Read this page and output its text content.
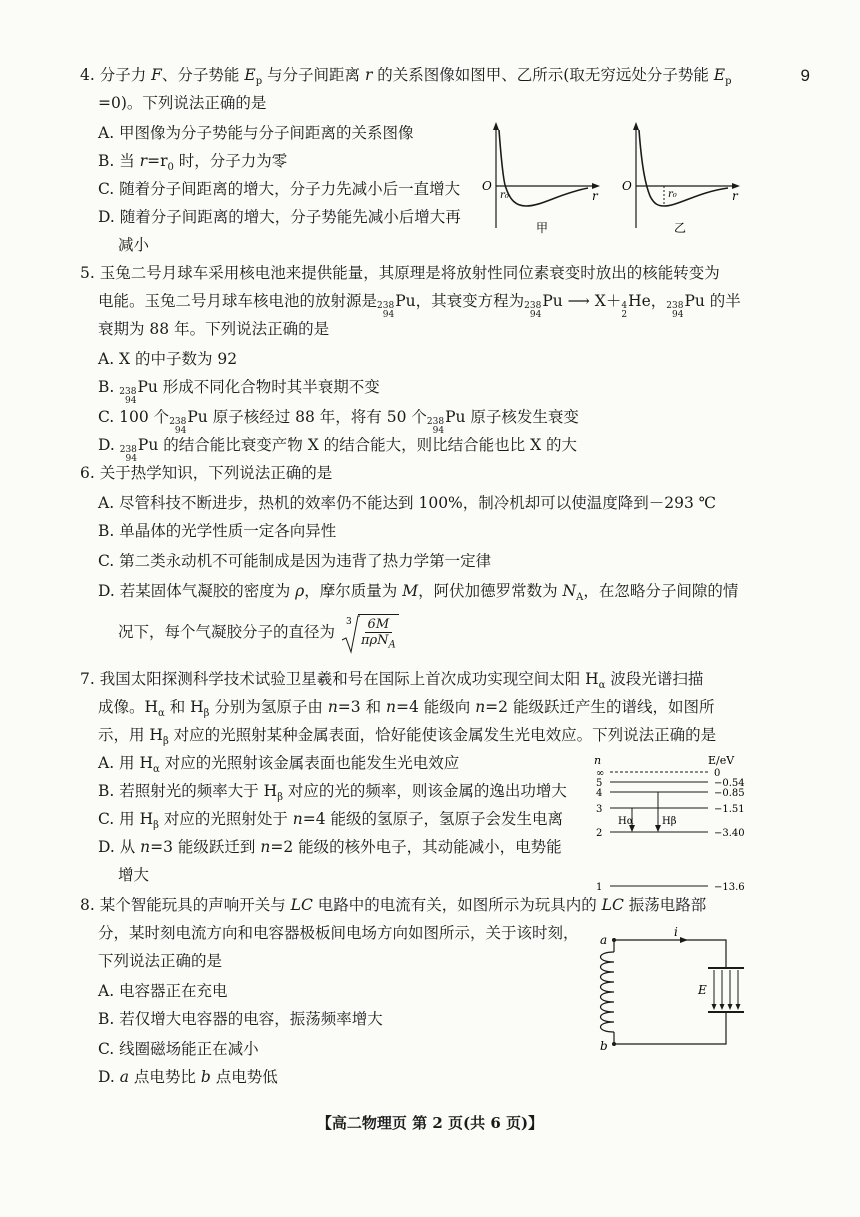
9
4. 分子力 F、分子势能 $E_p$ 与分子间距离 r 的关系图像如图甲、乙所示(取无穷远处分子势能 $E_p$
=0)。下列说法正确的是
A. 甲图像为分子势能与分子间距离的关系图像
B. 当 $r=r_0$ 时，分子力为零
C. 随着分子间距离的增大，分子力先减小后一直增大
D. 随着分子间距离的增大，分子势能先减小后增大再
减小
O
r₀	r
甲
O
r₀	r
乙
5. 玉兔二号月球车采用核电池来提供能量，其原理是将放射性同位素衰变时放出的核能转变为
电能。玉兔二号月球车核电池的放射源是 238
94
Pu，其衰变方程为 238
94
Pu ⟶ X＋ 4
2
He， 238
94
Pu 的半
衰期为 88 年。下列说法正确的是
A. X 的中子数为 92
B. 238
94
Pu 形成不同化合物时其半衰期不变
C. 100 个 238
94
Pu 原子核经过 88 年，将有 50 个 238
94
Pu 原子核发生衰变
D. 238
94
Pu 的结合能比衰变产物 X 的结合能大，则比结合能也比 X 的大
6. 关于热学知识，下列说法正确的是
A. 尽管科技不断进步，热机的效率仍不能达到 100%，制冷机却可以使温度降到－293 ℃
B. 单晶体的光学性质一定各向异性
C. 第二类永动机不可能制成是因为违背了热力学第一定律
D. 若某固体气凝胶的密度为 ρ，摩尔质量为 M，阿伏加德罗常数为 $N_A$，在忽略分子间隙的情
况下，每个气凝胶分子的直径为
$3 \frac{6M}{\pi\rho N_A}$
7. 我国太阳探测科学技术试验卫星羲和号在国际上首次成功实现空间太阳 $H_\alpha$ 波段光谱扫描
成像。$H_\alpha$ 和 $H_\beta$ 分别为氢原子由 n=3 和 n=4 能级向 n=2 能级跃迁产生的谱线，如图所
示，用 $H_\beta$ 对应的光照射某种金属表面，恰好能使该金属发生光电效应。下列说法正确的是
A. 用 $H_\alpha$ 对应的光照射该金属表面也能发生光电效应
B. 若照射光的频率大于 $H_\beta$ 对应的光的频率，则该金属的逸出功增大
C. 用 $H_\beta$ 对应的光照射处于 n=4 能级的氢原子，氢原子会发生电离
D. 从 n=3 能级跃迁到 n=2 能级的核外电子，其动能减小，电势能
增大
n	E/eV
∞	0
5	−0.54
4	−0.85
3	−1.51
2	−3.40
1	−13.6
Hα	Hβ
8. 某个智能玩具的声响开关与 LC 电路中的电流有关，如图所示为玩具内的 LC 振荡电路部
分，某时刻电流方向和电容器极板间电场方向如图所示，关于该时刻，
下列说法正确的是
A. 电容器正在充电
B. 若仅增大电容器的电容，振荡频率增大
C. 线圈磁场能正在减小
D. a 点电势比 b 点电势低
a
b
i
E
【高二物理页 第 2 页(共 6 页)】
